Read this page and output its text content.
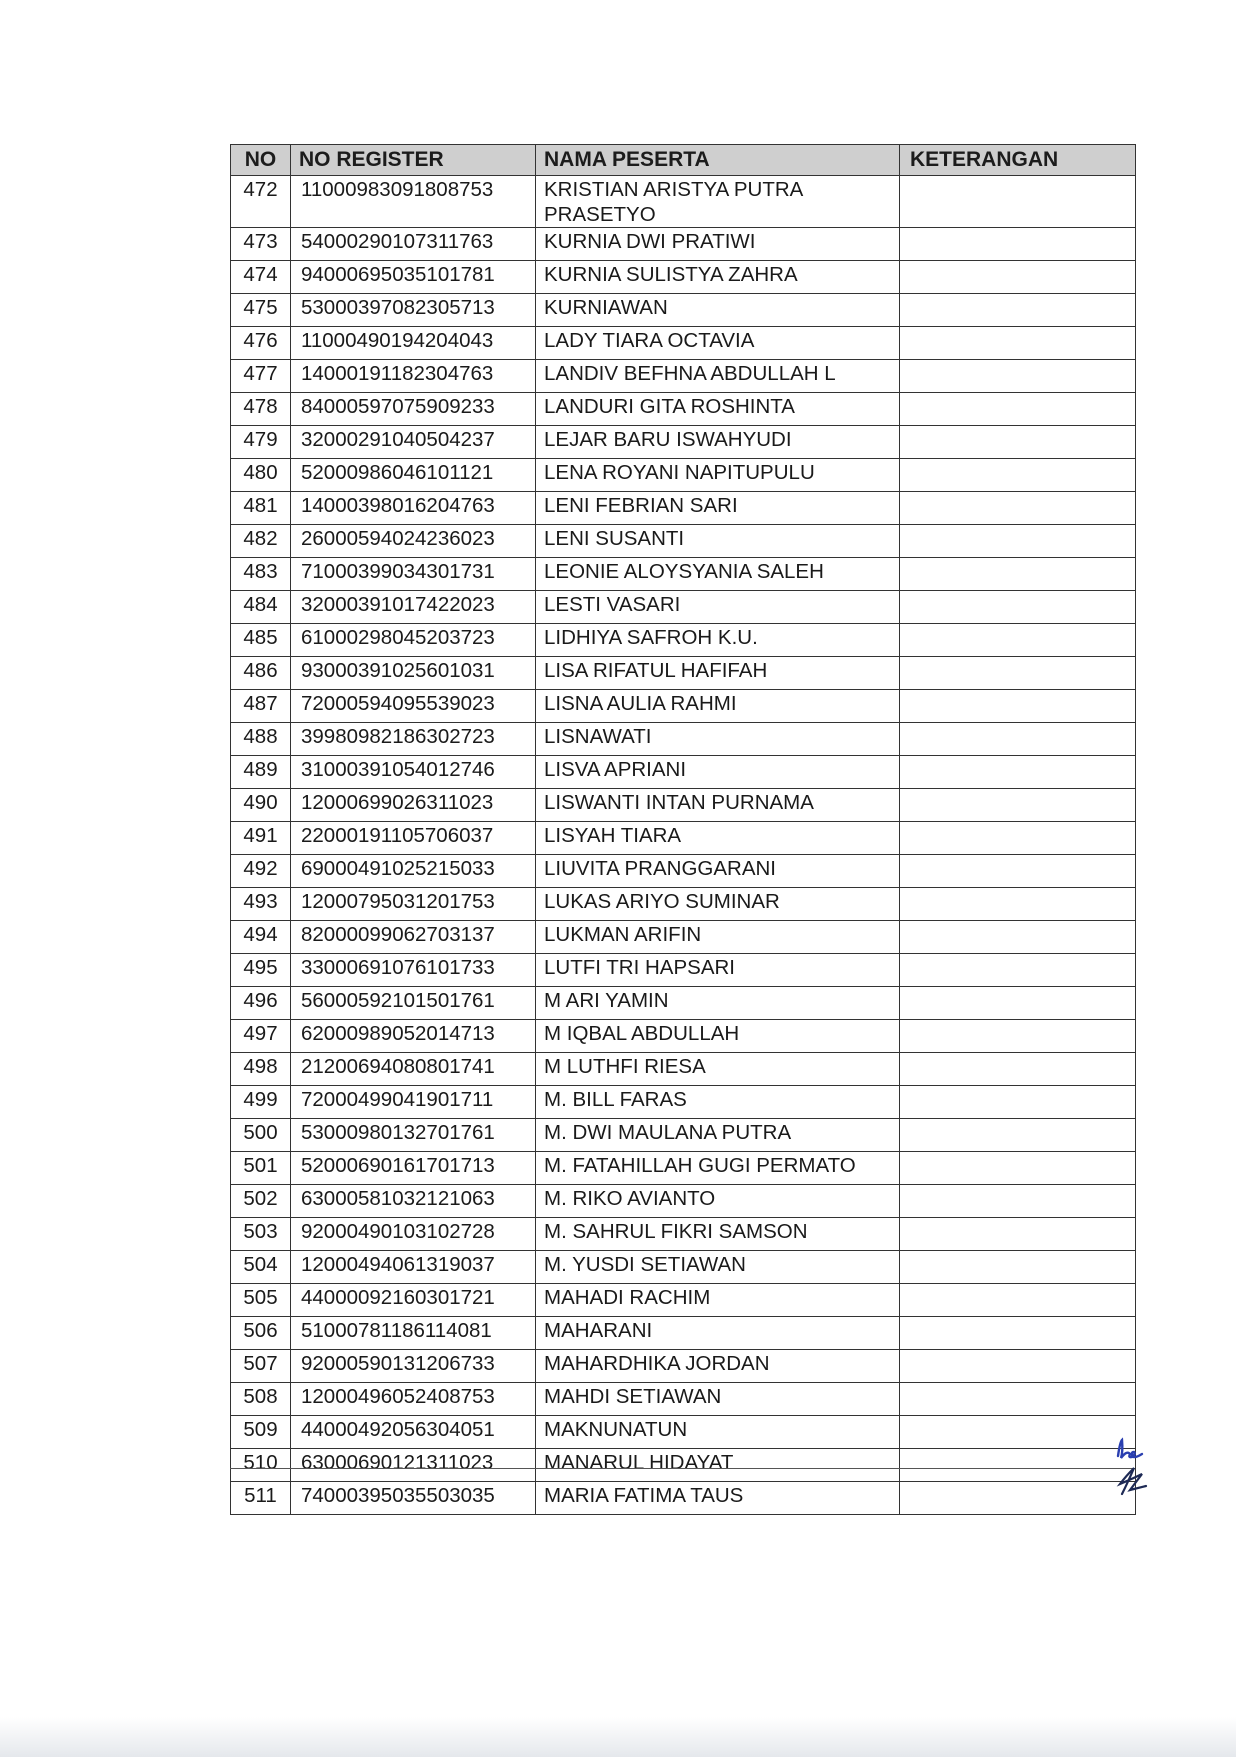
NO	NO REGISTER	NAMA PESERTA	KETERANGAN
472	11000983091808753	KRISTIAN ARISTYA PUTRA PRASETYO	
473	54000290107311763	KURNIA DWI PRATIWI	
474	94000695035101781	KURNIA SULISTYA ZAHRA	
475	53000397082305713	KURNIAWAN	
476	11000490194204043	LADY TIARA OCTAVIA	
477	14000191182304763	LANDIV BEFHNA ABDULLAH L	
478	84000597075909233	LANDURI GITA ROSHINTA	
479	32000291040504237	LEJAR BARU ISWAHYUDI	
480	52000986046101121	LENA ROYANI NAPITUPULU	
481	14000398016204763	LENI FEBRIAN SARI	
482	26000594024236023	LENI SUSANTI	
483	71000399034301731	LEONIE ALOYSYANIA SALEH	
484	32000391017422023	LESTI VASARI	
485	61000298045203723	LIDHIYA SAFROH K.U.	
486	93000391025601031	LISA RIFATUL HAFIFAH	
487	72000594095539023	LISNA AULIA RAHMI	
488	39980982186302723	LISNAWATI	
489	31000391054012746	LISVA APRIANI	
490	12000699026311023	LISWANTI INTAN PURNAMA	
491	22000191105706037	LISYAH TIARA	
492	69000491025215033	LIUVITA PRANGGARANI	
493	12000795031201753	LUKAS ARIYO SUMINAR	
494	82000099062703137	LUKMAN ARIFIN	
495	33000691076101733	LUTFI TRI HAPSARI	
496	56000592101501761	M ARI YAMIN	
497	62000989052014713	M IQBAL ABDULLAH	
498	21200694080801741	M LUTHFI RIESA	
499	72000499041901711	M. BILL FARAS	
500	53000980132701761	M. DWI MAULANA PUTRA	
501	52000690161701713	M. FATAHILLAH GUGI PERMATO	
502	63000581032121063	M. RIKO AVIANTO	
503	92000490103102728	M. SAHRUL FIKRI SAMSON	
504	12000494061319037	M. YUSDI SETIAWAN	
505	44000092160301721	MAHADI RACHIM	
506	51000781186114081	MAHARANI	
507	92000590131206733	MAHARDHIKA JORDAN	
508	12000496052408753	MAHDI SETIAWAN	
509	44000492056304051	MAKNUNATUN	
510	63000690121311023	MANARUL HIDAYAT	
511	74000395035503035	MARIA FATIMA TAUS	
